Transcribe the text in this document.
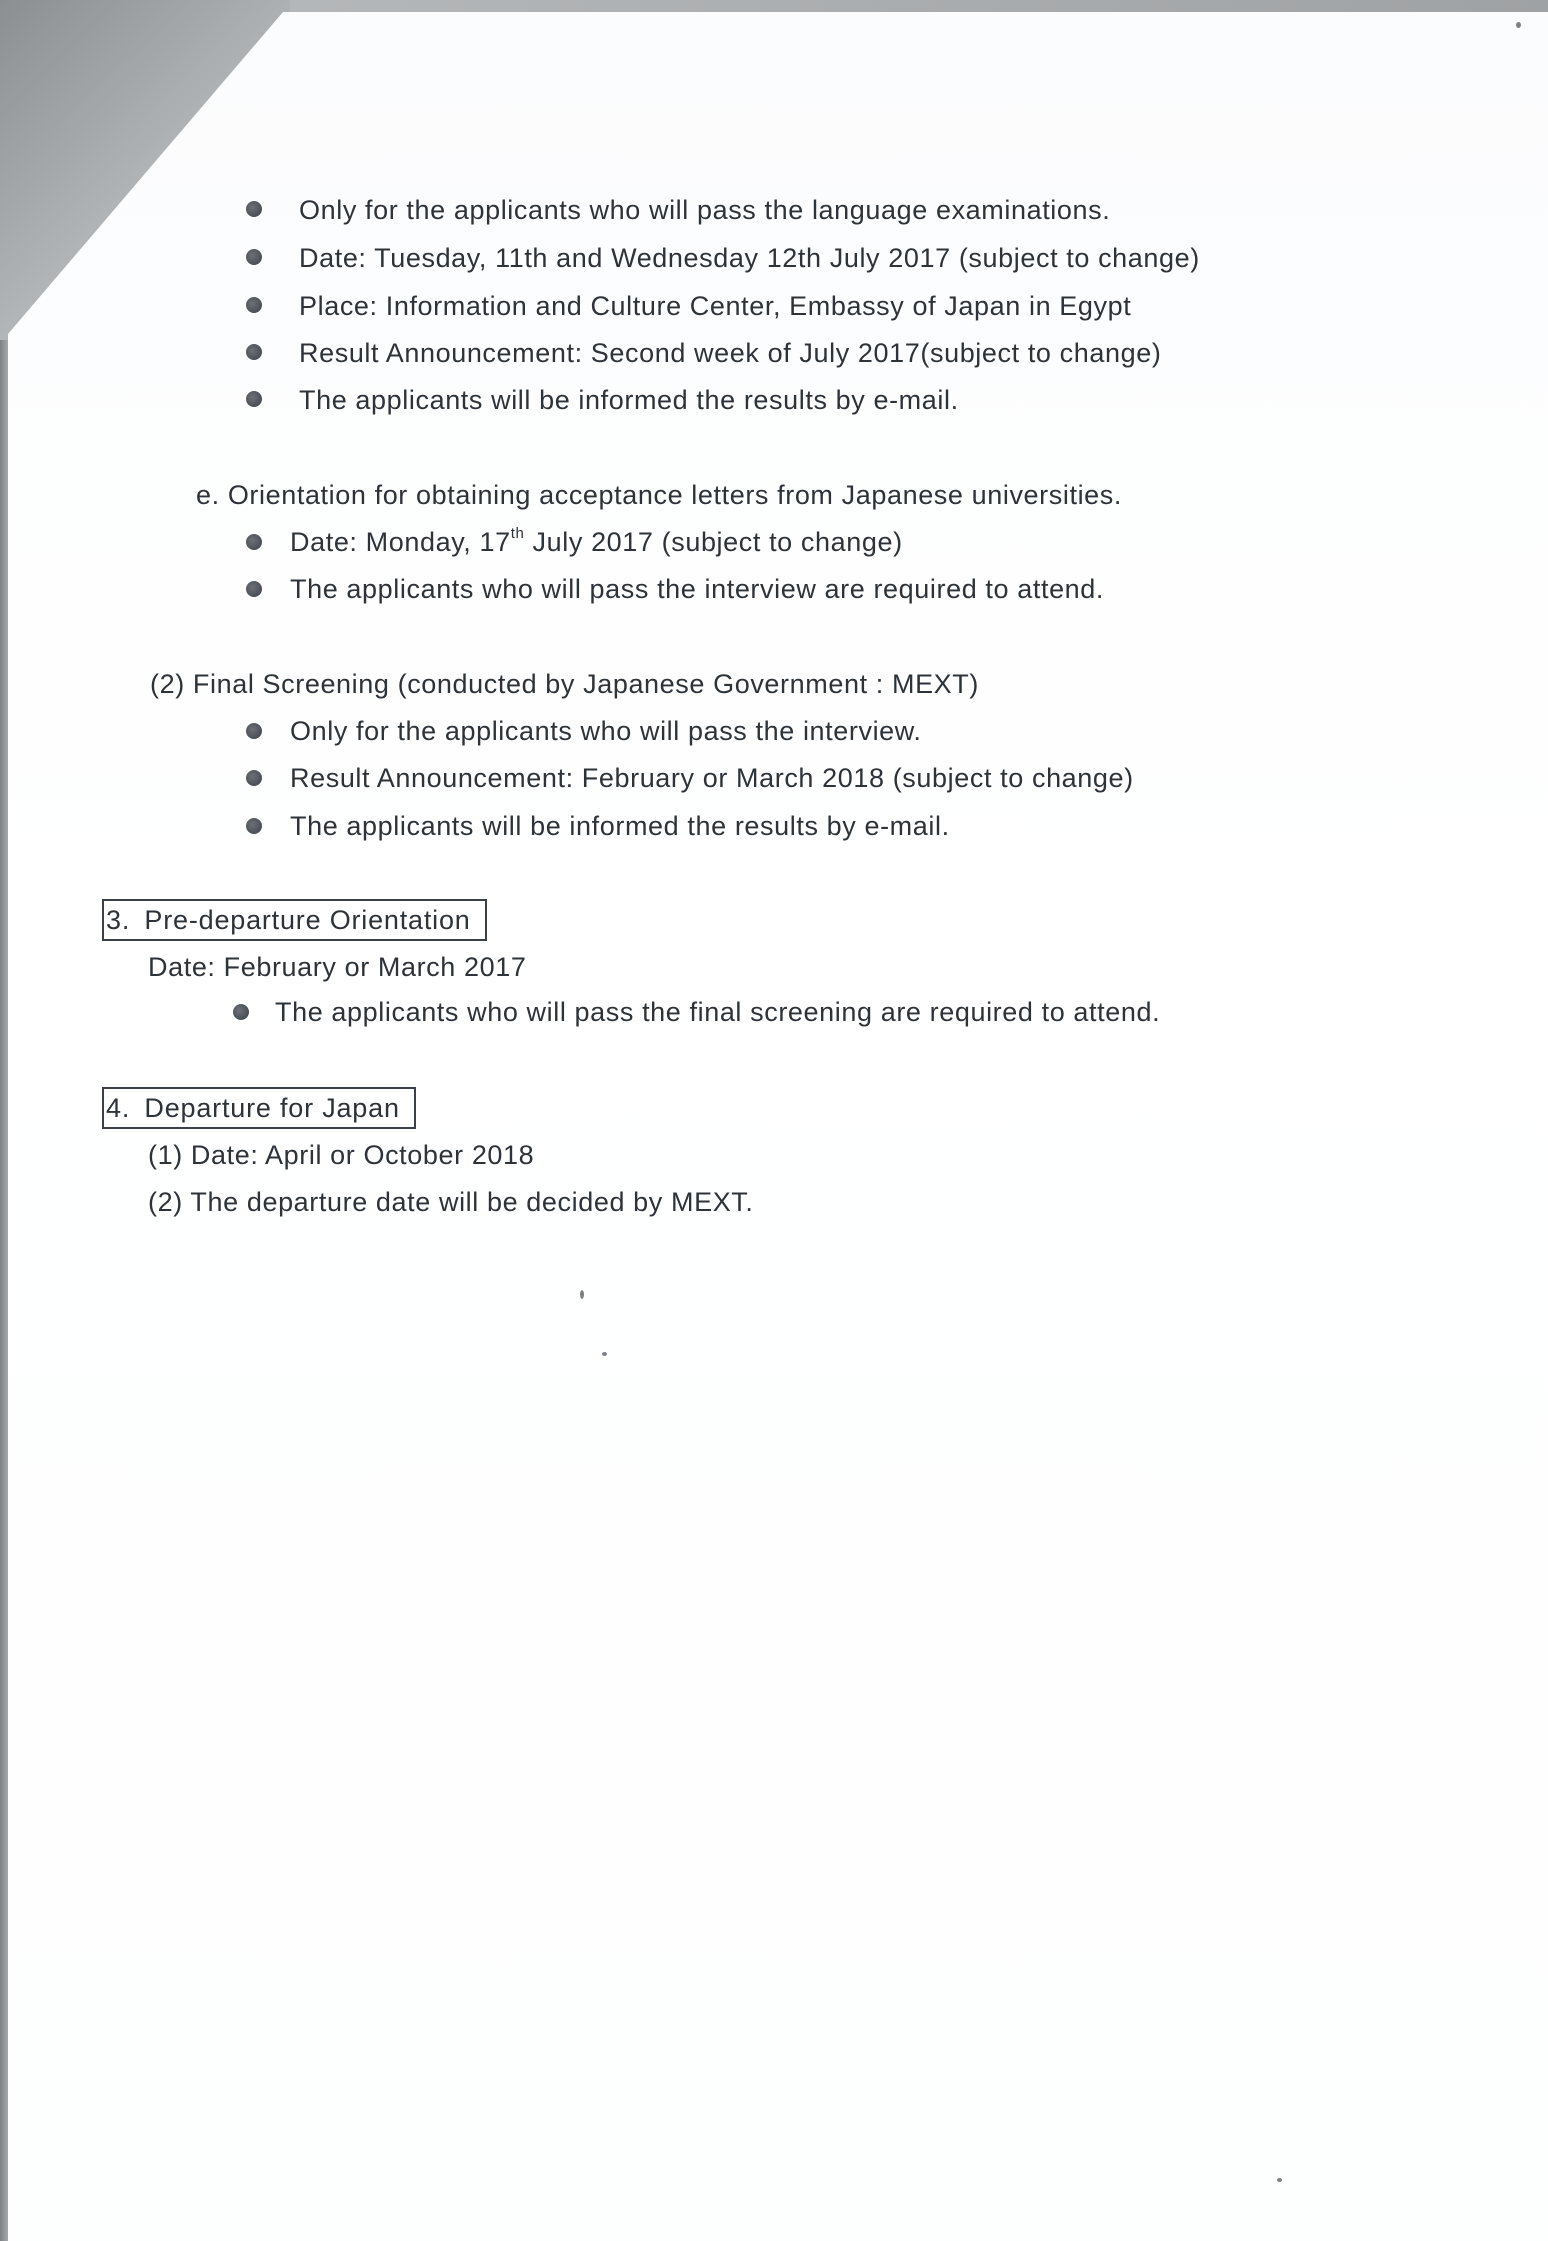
Only for the applicants who will pass the language examinations.
Date: Tuesday, 11th and Wednesday 12th July 2017 (subject to change)
Place: Information and Culture Center, Embassy of Japan in Egypt
Result Announcement: Second week of July 2017(subject to change)
The applicants will be informed the results by e-mail.
e. Orientation for obtaining acceptance letters from Japanese universities.
Date: Monday, 17th July 2017 (subject to change)
The applicants who will pass the interview are required to attend.
(2) Final Screening (conducted by Japanese Government : MEXT)
Only for the applicants who will pass the interview.
Result Announcement: February or March 2018 (subject to change)
The applicants will be informed the results by e-mail.
3. Pre-departure Orientation
Date: February or March 2017
The applicants who will pass the final screening are required to attend.
4. Departure for Japan
(1) Date: April or October 2018
(2) The departure date will be decided by MEXT.
